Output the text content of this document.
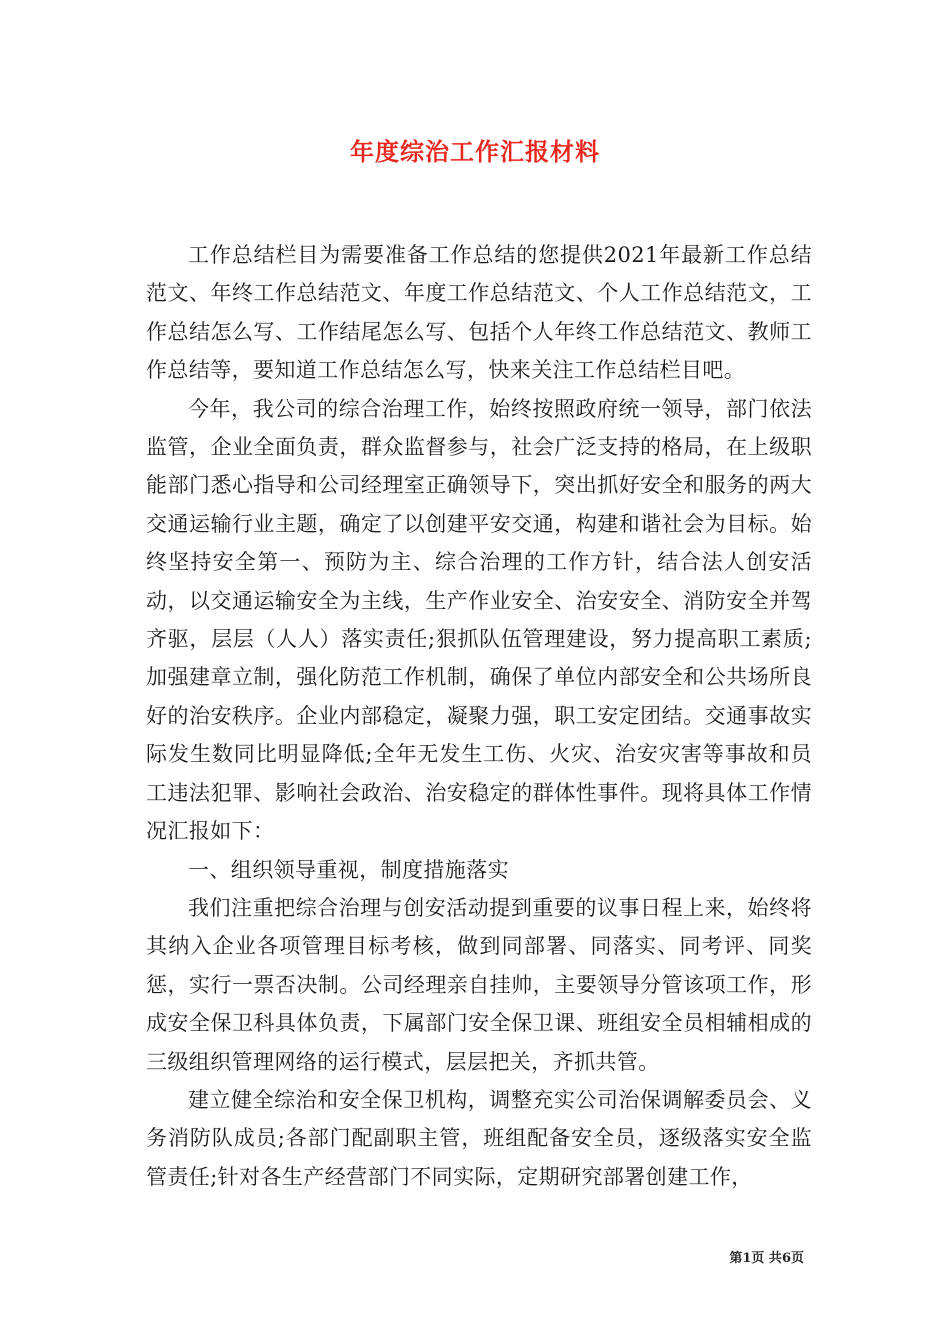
年度综治工作汇报材料

工作总结栏目为需要准备工作总结的您提供2021年最新工作总结范文、年终工作总结范文、年度工作总结范文、个人工作总结范文，工作总结怎么写、工作结尾怎么写、包括个人年终工作总结范文、教师工作总结等，要知道工作总结怎么写，快来关注工作总结栏目吧。

今年，我公司的综合治理工作，始终按照政府统一领导，部门依法监管，企业全面负责，群众监督参与，社会广泛支持的格局，在上级职能部门悉心指导和公司经理室正确领导下，突出抓好安全和服务的两大交通运输行业主题，确定了以创建平安交通，构建和谐社会为目标。始终坚持安全第一、预防为主、综合治理的工作方针，结合法人创安活动，以交通运输安全为主线，生产作业安全、治安安全、消防安全并驾齐驱，层层（人人）落实责任;狠抓队伍管理建设，努力提高职工素质;加强建章立制，强化防范工作机制，确保了单位内部安全和公共场所良好的治安秩序。企业内部稳定，凝聚力强，职工安定团结。交通事故实际发生数同比明显降低;全年无发生工伤、火灾、治安灾害等事故和员工违法犯罪、影响社会政治、治安稳定的群体性事件。现将具体工作情况汇报如下：

一、组织领导重视，制度措施落实

我们注重把综合治理与创安活动提到重要的议事日程上来，始终将其纳入企业各项管理目标考核，做到同部署、同落实、同考评、同奖惩，实行一票否决制。公司经理亲自挂帅，主要领导分管该项工作，形成安全保卫科具体负责，下属部门安全保卫课、班组安全员相辅相成的三级组织管理网络的运行模式，层层把关，齐抓共管。

建立健全综治和安全保卫机构，调整充实公司治保调解委员会、义务消防队成员;各部门配副职主管，班组配备安全员，逐级落实安全监管责任;针对各生产经营部门不同实际，定期研究部署创建工作，

第1页 共6页
